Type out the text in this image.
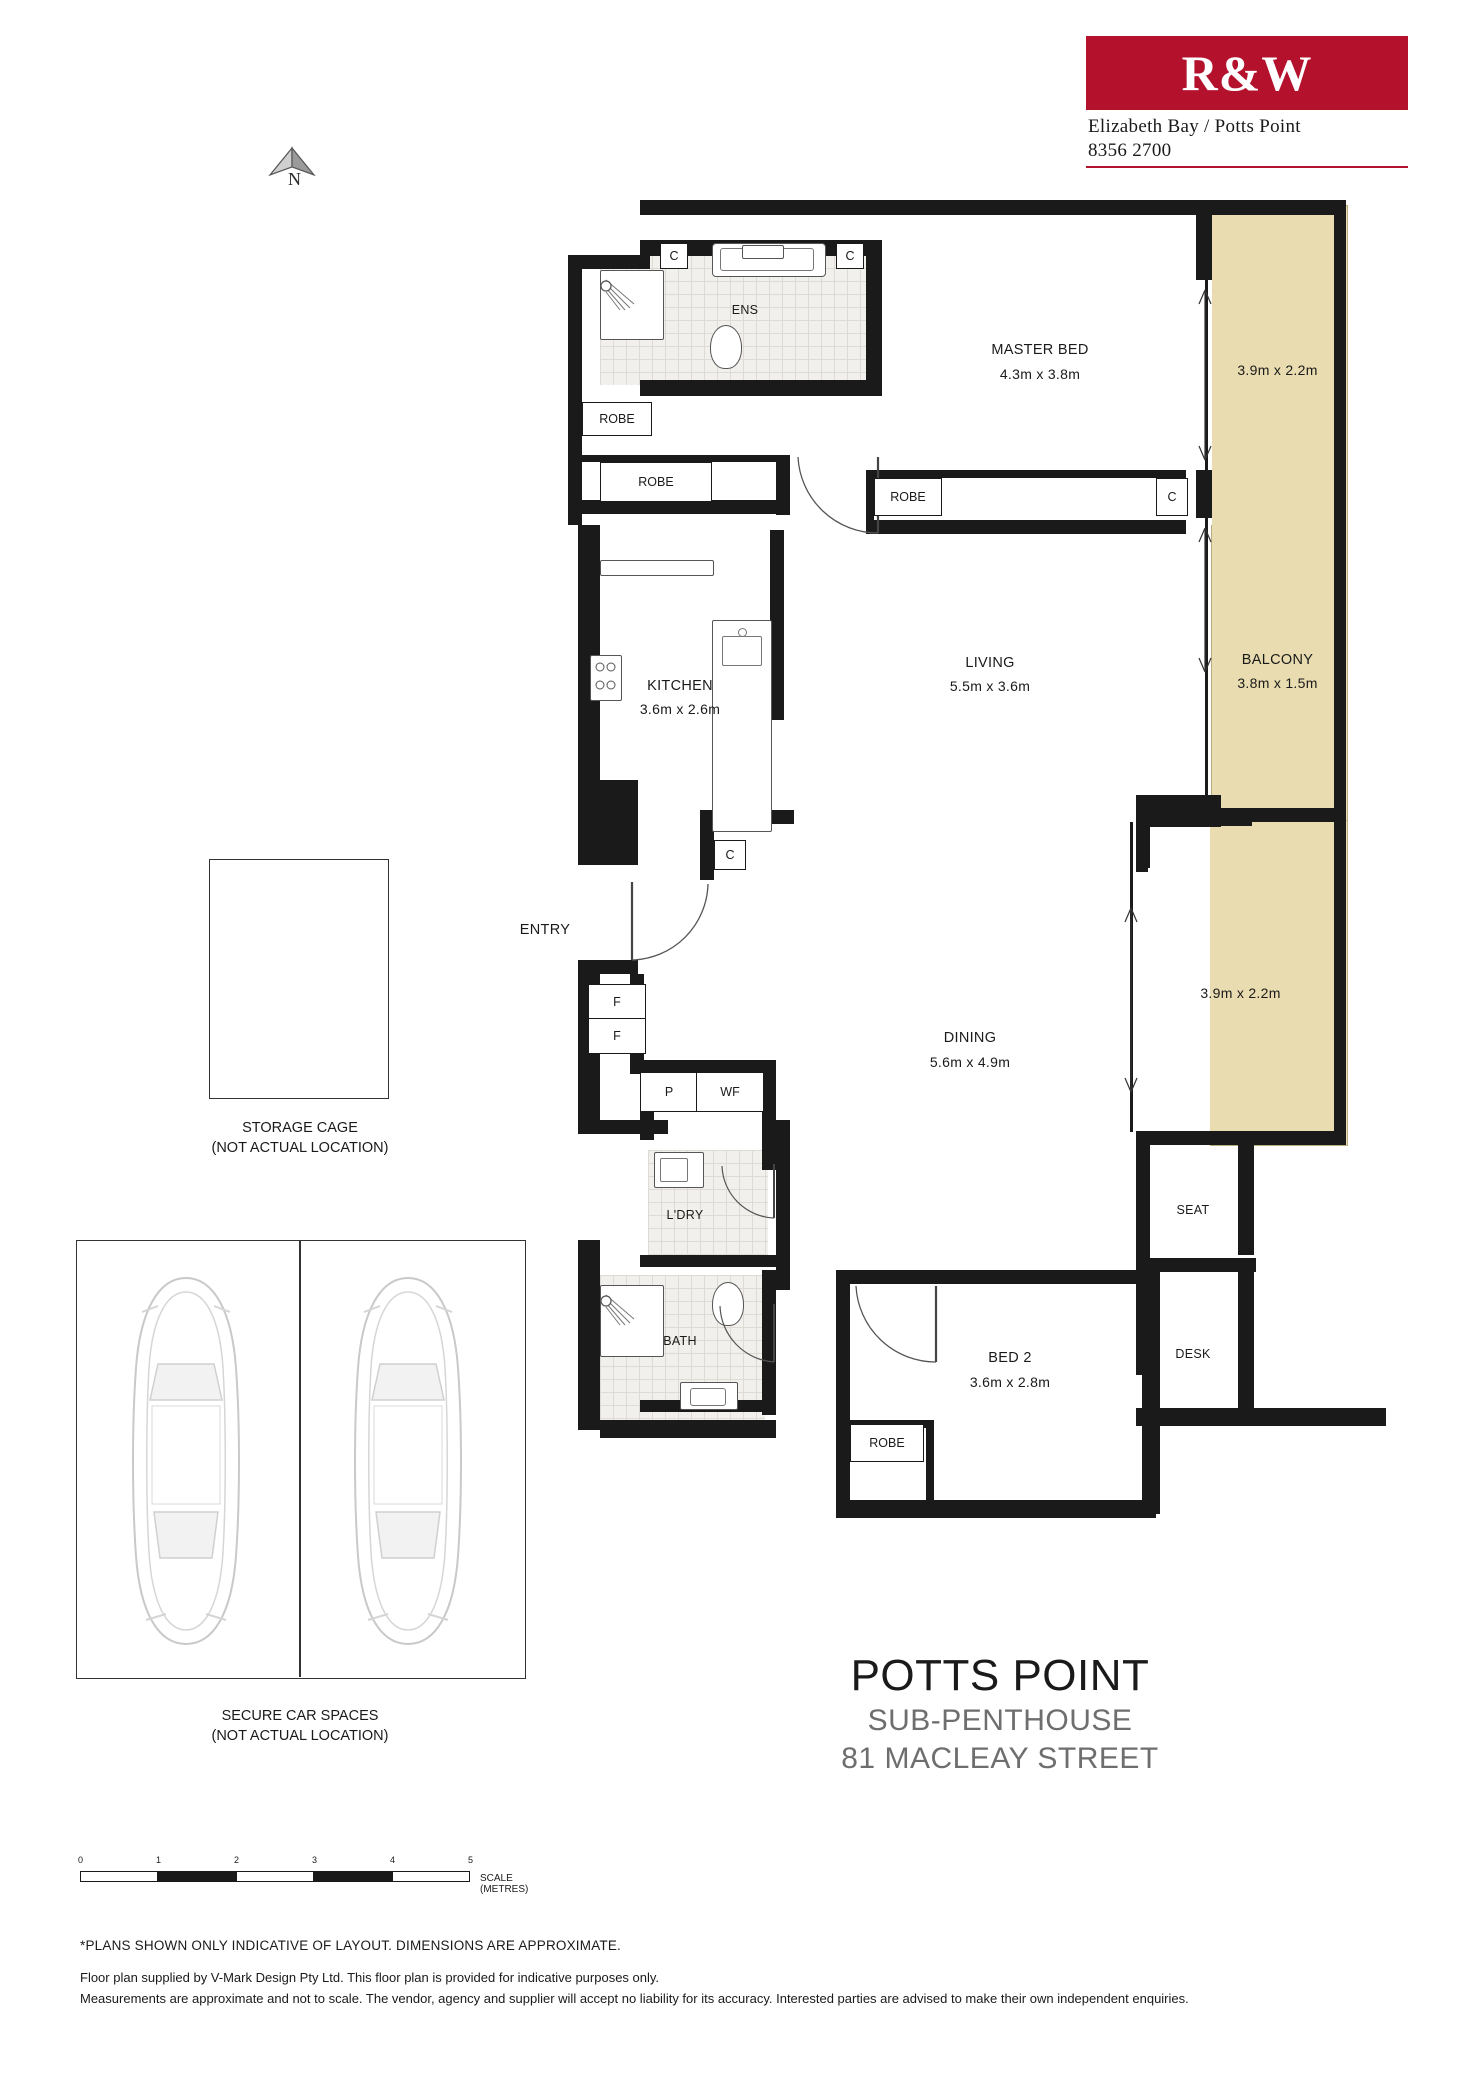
R&W
Elizabeth Bay / Potts Point
8356 2700
N
MASTER BED
4.3m x 3.8m
LIVING
5.5m x 3.6m
DINING
5.6m x 4.9m
KITCHEN
3.6m x 2.6m
BED 2
3.6m x 2.8m
BALCONY
3.8m x 1.5m
3.9m x 2.2m
3.9m x 2.2m
ENS
ENTRY
L'DRY
BATH
SEAT
DESK
ROBE
ROBE
ROBE
ROBE
C	C
C
C
F
F
P	WF
STORAGE CAGE
(NOT ACTUAL LOCATION)
SECURE CAR SPACES
(NOT ACTUAL LOCATION)
POTTS POINT
SUB-PENTHOUSE
81 MACLEAY STREET
0	1	2	3	4	5
SCALE (METRES)
*PLANS SHOWN ONLY INDICATIVE OF LAYOUT. DIMENSIONS ARE APPROXIMATE.
Floor plan supplied by V-Mark Design Pty Ltd. This floor plan is provided for indicative purposes only.
Measurements are approximate and not to scale. The vendor, agency and supplier will accept no liability for its accuracy. Interested parties are advised to make their own independent enquiries.
